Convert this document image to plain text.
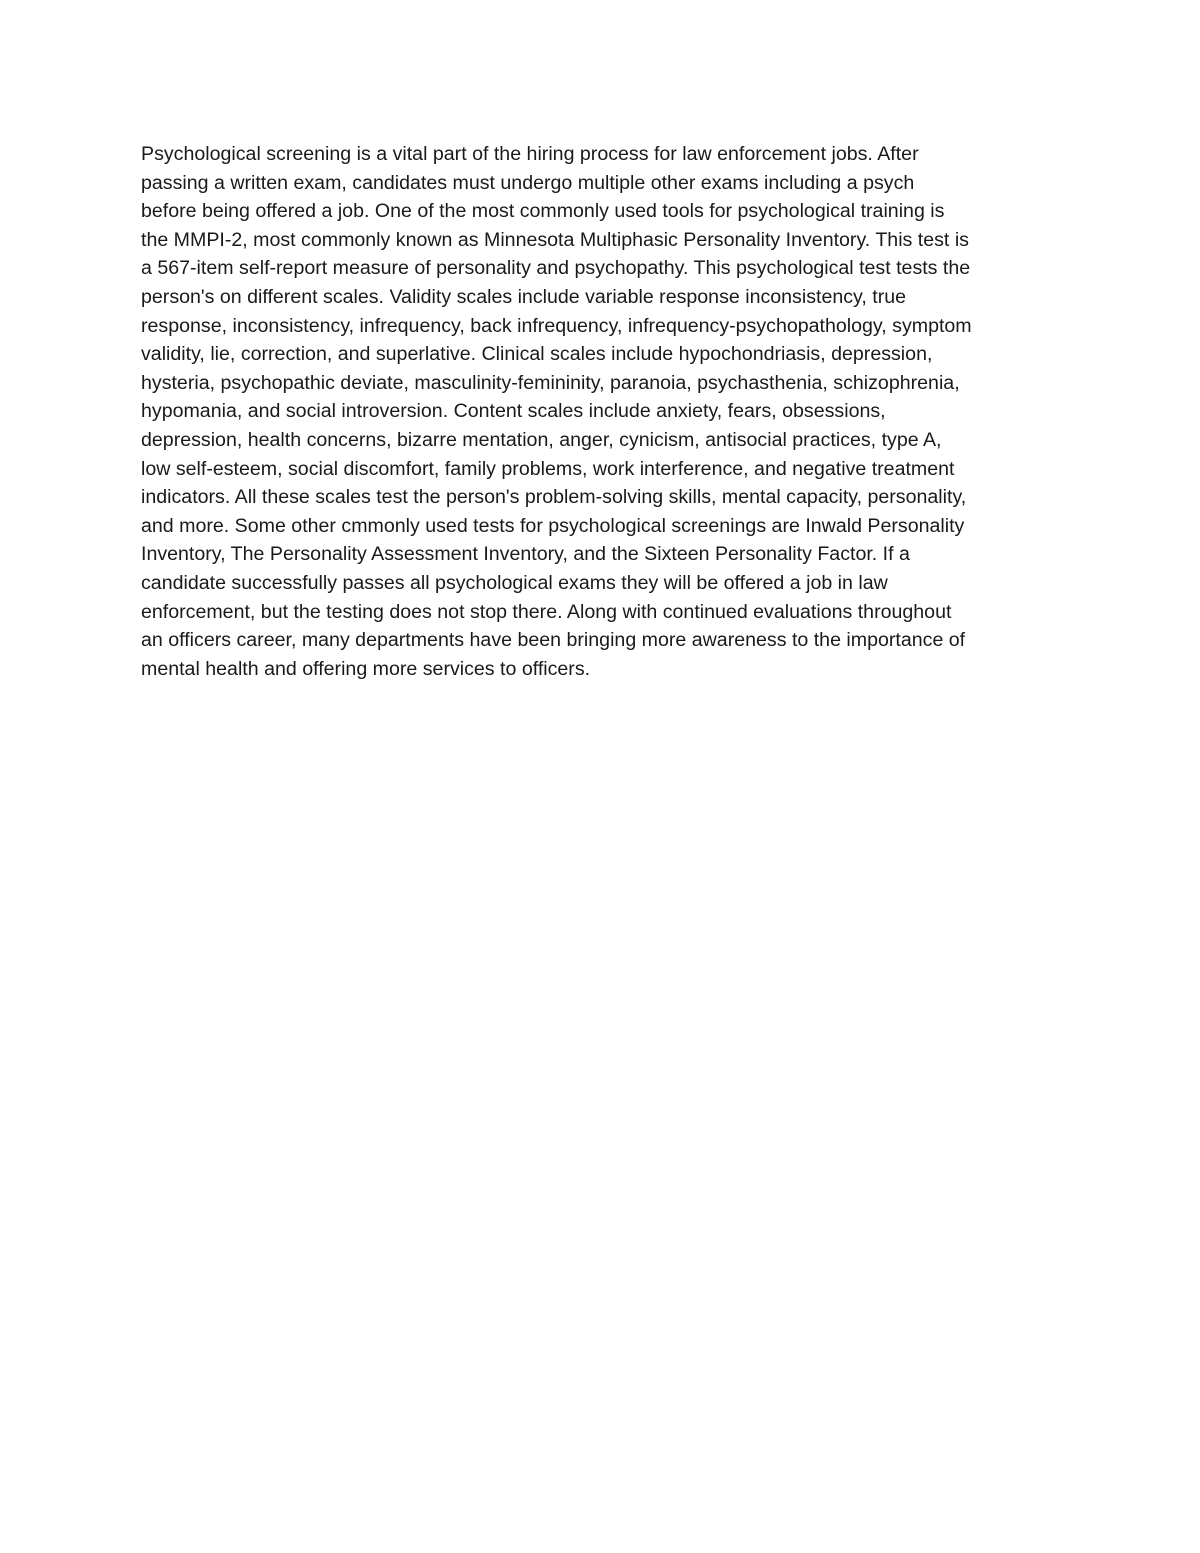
Psychological screening is a vital part of the hiring process for law enforcement jobs. After
passing a written exam, candidates must undergo multiple other exams including a psych
before being offered a job. One of the most commonly used tools for psychological training is
the MMPI-2, most commonly known as Minnesota Multiphasic Personality Inventory. This test is
a 567-item self-report measure of personality and psychopathy. This psychological test tests the
person's on different scales. Validity scales include variable response inconsistency, true
response, inconsistency, infrequency, back infrequency, infrequency-psychopathology, symptom
validity, lie, correction, and superlative. Clinical scales include hypochondriasis, depression,
hysteria, psychopathic deviate, masculinity-femininity, paranoia, psychasthenia, schizophrenia,
hypomania, and social introversion. Content scales include anxiety, fears, obsessions,
depression, health concerns, bizarre mentation, anger, cynicism, antisocial practices, type A,
low self-esteem, social discomfort, family problems, work interference, and negative treatment
indicators. All these scales test the person's problem-solving skills, mental capacity, personality,
and more. Some other cmmonly used tests for psychological screenings are Inwald Personality
Inventory, The Personality Assessment Inventory, and the Sixteen Personality Factor. If a
candidate successfully passes all psychological exams they will be offered a job in law
enforcement, but the testing does not stop there. Along with continued evaluations throughout
an officers career, many departments have been bringing more awareness to the importance of
mental health and offering more services to officers.
